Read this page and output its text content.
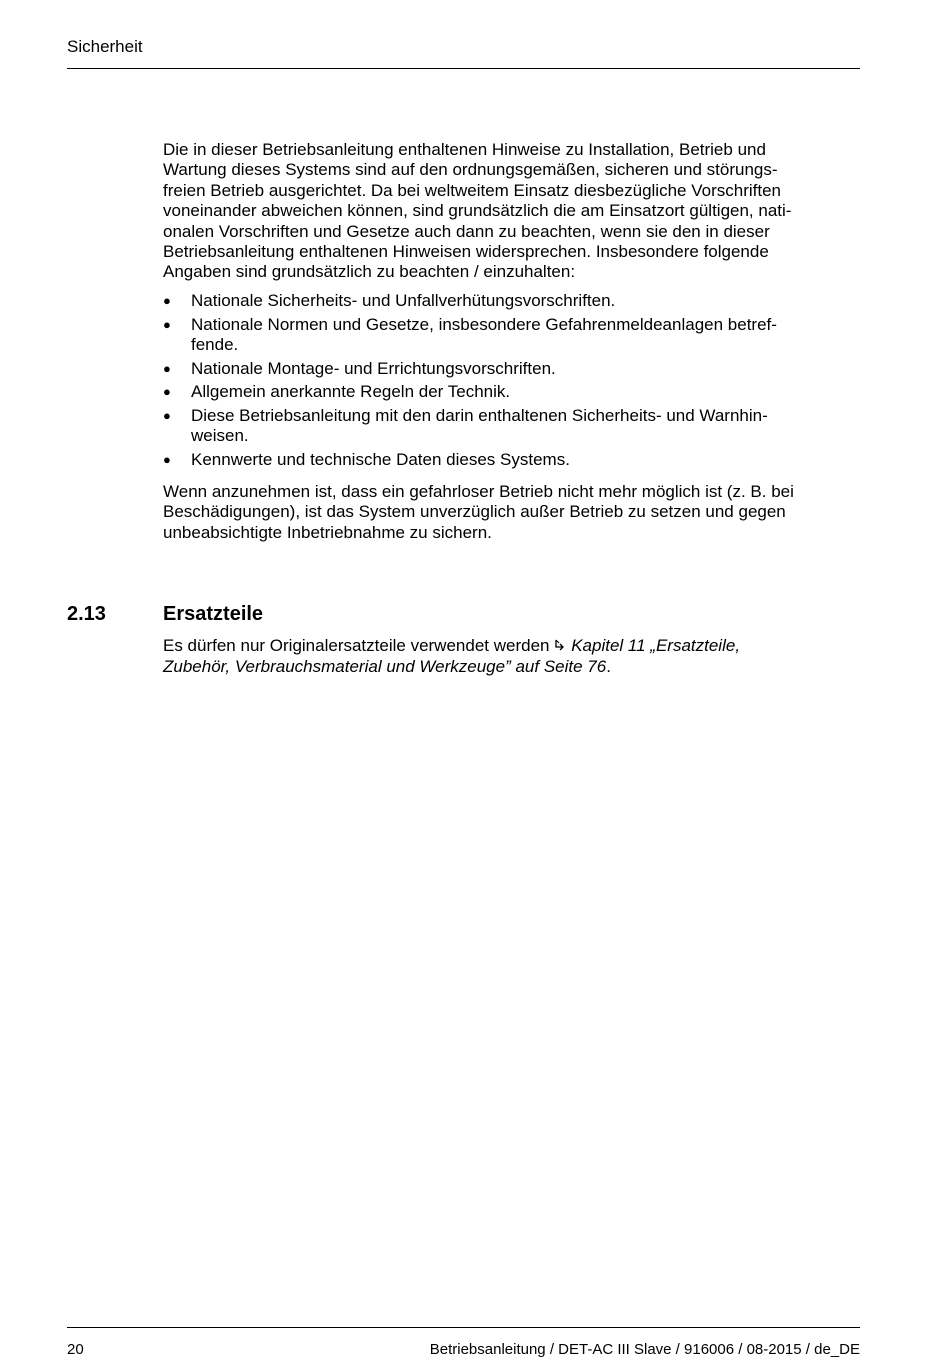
Sicherheit

Die in dieser Betriebsanleitung enthaltenen Hinweise zu Installation, Betrieb und
Wartung dieses Systems sind auf den ordnungsgemäßen, sicheren und störungs-
freien Betrieb ausgerichtet. Da bei weltweitem Einsatz diesbezügliche Vorschriften
voneinander abweichen können, sind grundsätzlich die am Einsatzort gültigen, nati-
onalen Vorschriften und Gesetze auch dann zu beachten, wenn sie den in dieser
Betriebsanleitung enthaltenen Hinweisen widersprechen. Insbesondere folgende
Angaben sind grundsätzlich zu beachten / einzuhalten:

● Nationale Sicherheits- und Unfallverhütungsvorschriften.
● Nationale Normen und Gesetze, insbesondere Gefahrenmeldeanlagen betref-
fende.
● Nationale Montage- und Errichtungsvorschriften.
● Allgemein anerkannte Regeln der Technik.
● Diese Betriebsanleitung mit den darin enthaltenen Sicherheits- und Warnhin-
weisen.
● Kennwerte und technische Daten dieses Systems.
Wenn anzunehmen ist, dass ein gefahrloser Betrieb nicht mehr möglich ist (z. B. bei
Beschädigungen), ist das System unverzüglich außer Betrieb zu setzen und gegen
unbeabsichtigte Inbetriebnahme zu sichern.
2.13	Ersatzteile
Es dürfen nur Originalersatzteile verwendet werden Kapitel 11 „Ersatzteile,
Zubehör, Verbrauchsmaterial und Werkzeuge” auf Seite 76.
20	Betriebsanleitung / DET-AC III Slave / 916006 / 08-2015 / de_DE
